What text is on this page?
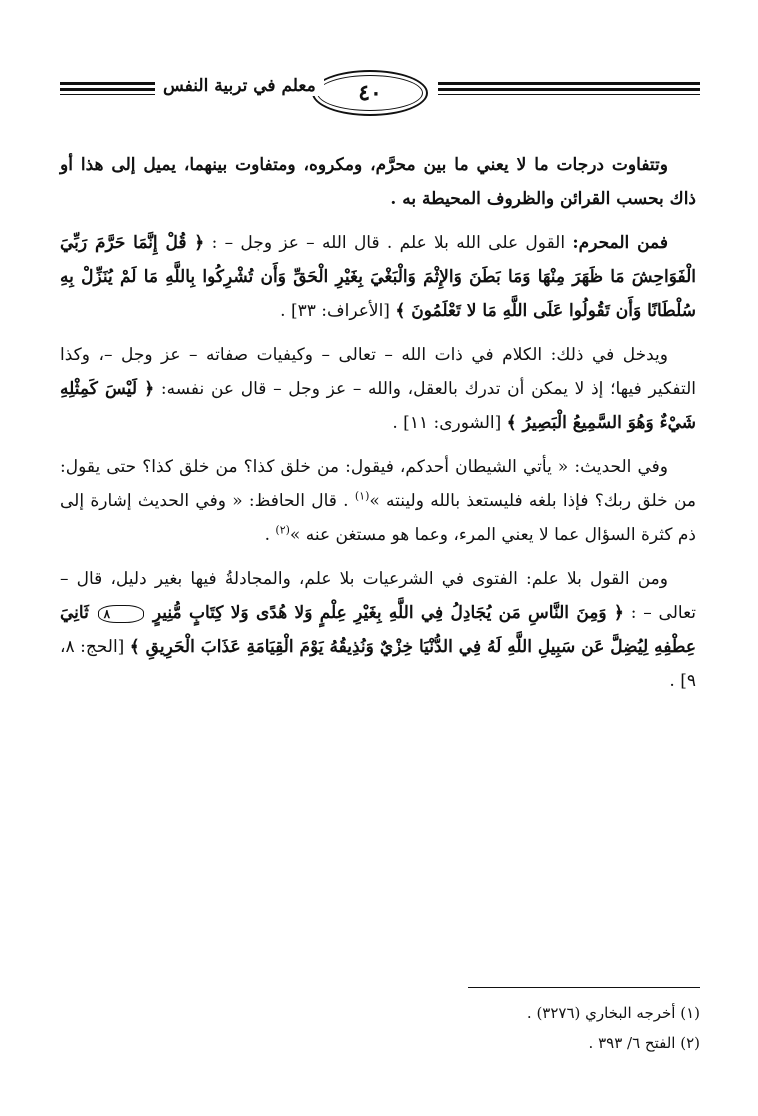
٤٠
معلم في تربية النفس

وتتفاوت درجات ما لا يعني ما بين محرَّم، ومكروه، ومتفاوت بينهما، يميل إلى هذا أو ذاك بحسب القرائن والظروف المحيطة به .

فمن المحرم: القول على الله بلا علم . قال الله – عز وجل – : ﴿ قُلْ إِنَّمَا حَرَّمَ رَبِّيَ الْفَوَاحِشَ مَا ظَهَرَ مِنْهَا وَمَا بَطَنَ وَالإِثْمَ وَالْبَغْيَ بِغَيْرِ الْحَقِّ وَأَن تُشْرِكُوا بِاللَّهِ مَا لَمْ يُنَزِّلْ بِهِ سُلْطَانًا وَأَن تَقُولُوا عَلَى اللَّهِ مَا لا تَعْلَمُونَ ﴾ [الأعراف: ٣٣] .

ويدخل في ذلك: الكلام في ذات الله – تعالى – وكيفيات صفاته – عز وجل –، وكذا التفكير فيها؛ إذ لا يمكن أن تدرك بالعقل، والله – عز وجل – قال عن نفسه: ﴿ لَيْسَ كَمِثْلِهِ شَيْءٌ وَهُوَ السَّمِيعُ الْبَصِيرُ ﴾ [الشورى: ١١] .

وفي الحديث: « يأتي الشيطان أحدكم، فيقول: من خلق كذا؟ من خلق كذا؟ حتى يقول: من خلق ربك؟ فإذا بلغه فليستعذ بالله ولينته »$^{(١)}$ . قال الحافظ: « وفي الحديث إشارة إلى ذم كثرة السؤال عما لا يعني المرء، وعما هو مستغن عنه »$^{(٢)}$ .

ومن القول بلا علم: الفتوى في الشرعيات بلا علم، والمجادلةُ فيها بغير دليل، قال – تعالى – : ﴿ وَمِنَ النَّاسِ مَن يُجَادِلُ فِي اللَّهِ بِغَيْرِ عِلْمٍ وَلا هُدًى وَلا كِتَابٍ مُّنِيرٍ ٨ ثَانِيَ عِطْفِهِ لِيُضِلَّ عَن سَبِيلِ اللَّهِ لَهُ فِي الدُّنْيَا خِزْيٌ وَنُذِيقُهُ يَوْمَ الْقِيَامَةِ عَذَابَ الْحَرِيقِ ﴾ [الحج: ٨، ٩] .

(١) أخرجه البخاري (٣٢٧٦) .

(٢) الفتح ٦/ ٣٩٣ .
